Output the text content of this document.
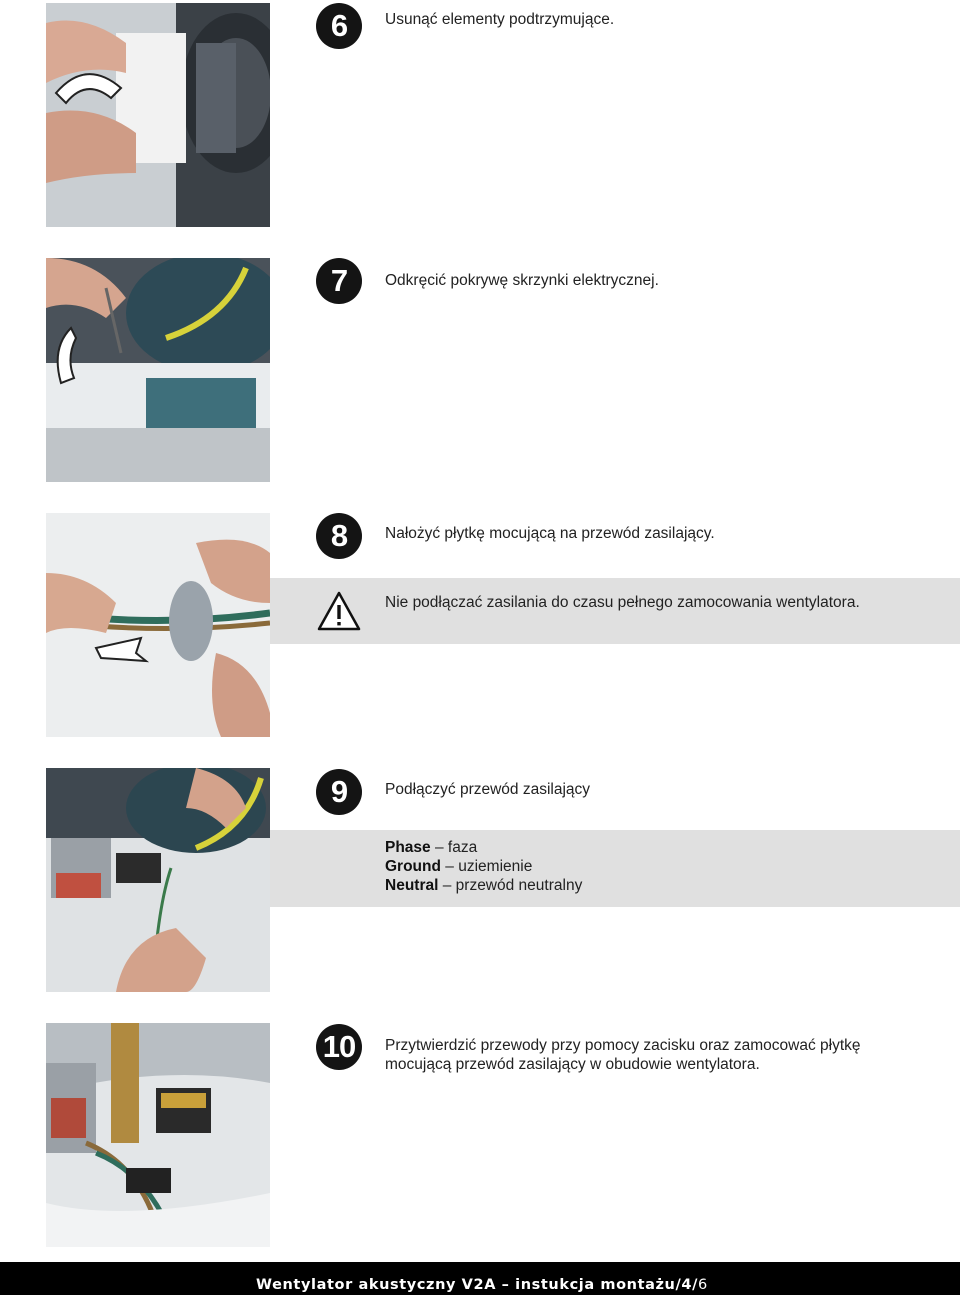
6	Usunąć elementy podtrzymujące.
7	Odkręcić pokrywę skrzynki elektrycznej.
8	Nałożyć płytkę mocującą na przewód zasilający.
Nie podłączać zasilania do czasu pełnego zamocowania wentylatora.
9	Podłączyć przewód zasilający
Phase – faza
Ground – uziemienie
Neutral – przewód neutralny
10	Przytwierdzić przewody przy pomocy zacisku oraz zamocować płytkę mocującą przewód zasilający w obudowie wentylatora.
Wentylator akustyczny V2A – instukcja montażu/4/6
